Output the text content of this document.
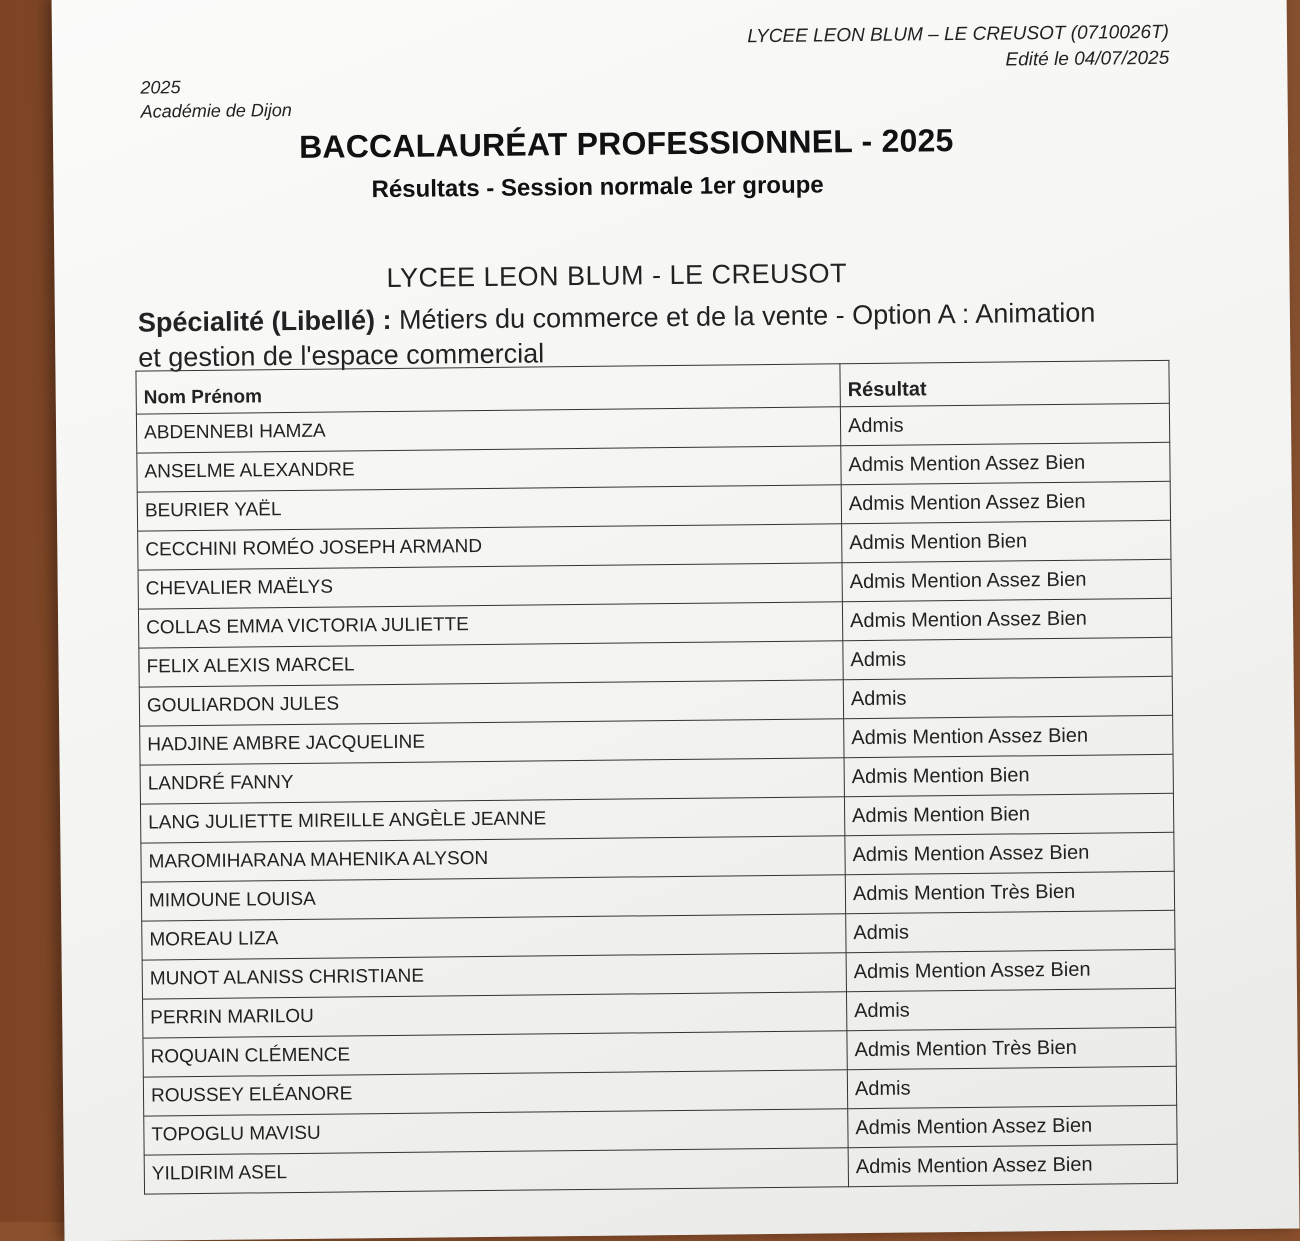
LYCEE LEON BLUM – LE CREUSOT (0710026T)
Edité le 04/07/2025
2025
Académie de Dijon
BACCALAURÉAT PROFESSIONNEL - 2025
Résultats - Session normale 1er groupe
LYCEE LEON BLUM - LE CREUSOT
Spécialité (Libellé) : Métiers du commerce et de la vente - Option A : Animation et gestion de l'espace commercial
Nom Prénom	Résultat
ABDENNEBI HAMZA	Admis
ANSELME ALEXANDRE	Admis Mention Assez Bien
BEURIER YAËL	Admis Mention Assez Bien
CECCHINI ROMÉO JOSEPH ARMAND	Admis Mention Bien
CHEVALIER MAËLYS	Admis Mention Assez Bien
COLLAS EMMA VICTORIA JULIETTE	Admis Mention Assez Bien
FELIX ALEXIS MARCEL	Admis
GOULIARDON JULES	Admis
HADJINE AMBRE JACQUELINE	Admis Mention Assez Bien
LANDRÉ FANNY	Admis Mention Bien
LANG JULIETTE MIREILLE ANGÈLE JEANNE	Admis Mention Bien
MAROMIHARANA MAHENIKA ALYSON	Admis Mention Assez Bien
MIMOUNE LOUISA	Admis Mention Très Bien
MOREAU LIZA	Admis
MUNOT ALANISS CHRISTIANE	Admis Mention Assez Bien
PERRIN MARILOU	Admis
ROQUAIN CLÉMENCE	Admis Mention Très Bien
ROUSSEY ELÉANORE	Admis
TOPOGLU MAVISU	Admis Mention Assez Bien
YILDIRIM ASEL	Admis Mention Assez Bien
